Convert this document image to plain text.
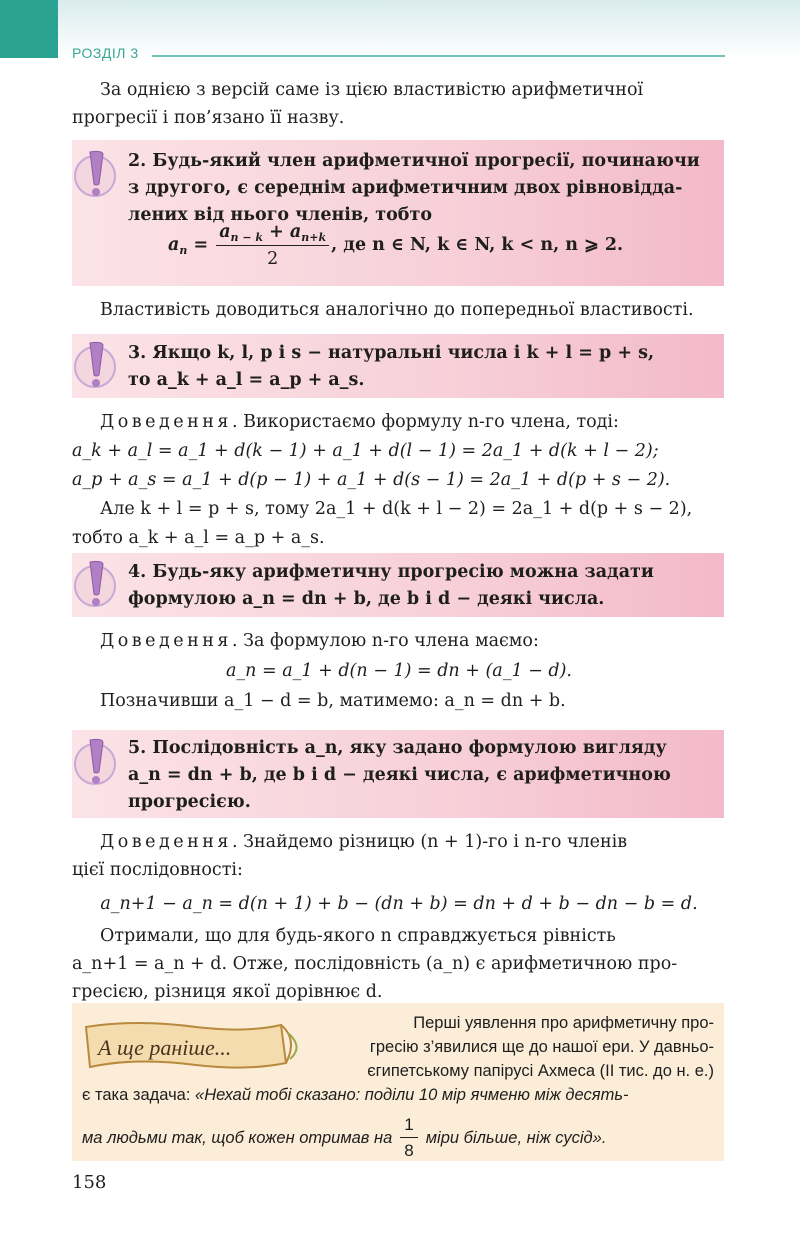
РОЗДІЛ 3
За однією з версій саме із цією властивістю арифметичної
прогресії і пов’язано її назву.
2. Будь-який член арифметичної прогресії, починаючи
з другого, є середнім арифметичним двох рівновідда-
лених від нього членів, тобто
$a_n = \frac{a_{n - k} + a_{n+k}}{2}$ , де n ∈ N, k ∈ N, k < n, n ⩾ 2.
Властивість доводиться аналогічно до попередньої властивості.
3. Якщо k, l, p і s − натуральні числа і k + l = p + s,
то a_k + a_l = a_p + a_s.
Доведення. Використаємо формулу n-го члена, тоді:
a_k + a_l = a_1 + d(k − 1) + a_1 + d(l − 1) = 2a_1 + d(k + l − 2);
a_p + a_s = a_1 + d(p − 1) + a_1 + d(s − 1) = 2a_1 + d(p + s − 2).
Але k + l = p + s, тому 2a_1 + d(k + l − 2) = 2a_1 + d(p + s − 2),
тобто a_k + a_l = a_p + a_s.
4. Будь-яку арифметичну прогресію можна задати
формулою a_n = dn + b, де b і d − деякі числа.
Доведення. За формулою n-го члена маємо:
a_n = a_1 + d(n − 1) = dn + (a_1 − d).
Позначивши a_1 − d = b, матимемо: a_n = dn + b.
5. Послідовність a_n, яку задано формулою вигляду
a_n = dn + b, де b і d − деякі числа, є арифметичною
прогресією.
Доведення. Знайдемо різницю (n + 1)-го і n-го членів
цієї послідовності:
a_n+1 − a_n = d(n + 1) + b − (dn + b) = dn + d + b − dn − b = d.
Отримали, що для будь-якого n справджується рівність
a_n+1 = a_n + d. Отже, послідовність (a_n) є арифметичною про-
гресією, різниця якої дорівнює d.
А ще раніше...
Перші уявлення про арифметичну про-
гресію з’явилися ще до нашої ери. У давньо-
єгипетському папірусі Ахмеса (II тис. до н. е.)
є така задача: «Нехай тобі сказано: поділи 10 мір ячменю між десять-
ма людьми так, щоб кожен отримав на $\frac{1}{8}$ міри більше, ніж сусід».
158
